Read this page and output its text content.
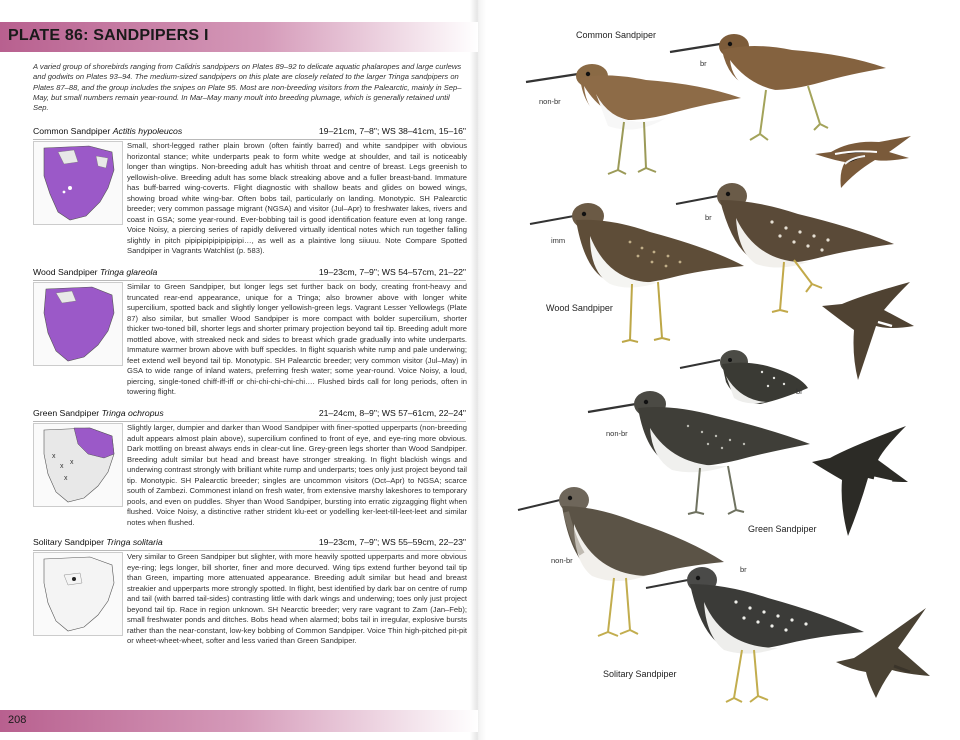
PLATE 86: SANDPIPERS I
A varied group of shorebirds ranging from Calidris sandpipers on Plates 89–92 to delicate aquatic phalaropes and large curlews and godwits on Plates 93–94. The medium-sized sandpipers on this plate are closely related to the larger Tringa sandpipers on Plates 87–88, and the group includes the snipes on Plate 95. Most are non-breeding visitors from the Palearctic, mainly in Sep–May, but small numbers remain year-round. In Mar–May many moult into breeding plumage, which is generally retained until Sep.
Common Sandpiper Actitis hypoleucos	19–21cm, 7–8"; WS 38–41cm, 15–16"
Small, short-legged rather plain brown (often faintly barred) and white sandpiper with obvious horizontal stance; white underparts peak to form white wedge at shoulder, and tail is noticeably longer than wingtips. Non-breeding adult has whitish throat and centre of breast. Legs greenish to yellowish-olive. Breeding adult has some black streaking above and a fuller breast-band. Immature has buff-barred wing-coverts. Flight diagnostic with shallow beats and glides on bowed wings, showing broad white wing-bar. Often bobs tail, particularly on landing. Monotypic. SH Palearctic breeder; very common passage migrant (NGSA) and visitor (Jul–Apr) to freshwater lakes, rivers and coast in GSA; some year-round. Ever-bobbing tail is good identification feature even at long range. Voice Noisy, a piercing series of rapidly delivered virtually identical notes which run together falling slightly in pitch pipipipipipipipipipi…, as well as a plaintive long siiuuu. Note Compare Spotted Sandpiper in Vagrants Watchlist (p. 583).
Wood Sandpiper Tringa glareola	19–23cm, 7–9"; WS 54–57cm, 21–22"
Similar to Green Sandpiper, but longer legs set further back on body, creating front-heavy and truncated rear-end appearance, unique for a Tringa; also browner above with longer white supercilium, spotted back and slightly longer yellowish-green legs. Vagrant Lesser Yellowlegs (Plate 87) also similar, but smaller Wood Sandpiper is more compact with bolder supercilium, shorter thicker two-toned bill, shorter legs and shorter primary projection beyond tail tip. Breeding adult more mottled above, with streaked neck and sides to breast which grade gradually into white underparts. Immature warmer brown above with buff speckles. In flight squarish white rump and pale underwing; feet extend well beyond tail tip. Monotypic. SH Palearctic breeder; very common visitor (Jul–May) in GSA to wide range of inland waters, preferring fresh water; some year-round. Voice Noisy, a loud, piercing, single-toned chiff-iff-iff or chi-chi-chi-chi-chi…. Flushed birds call for long periods, often in towering flight.
Green Sandpiper Tringa ochropus	21–24cm, 8–9"; WS 57–61cm, 22–24"
x
x
x
x
Slightly larger, dumpier and darker than Wood Sandpiper with finer-spotted upperparts (non-breeding adult appears almost plain above), supercilium confined to front of eye, and eye-ring more obvious. Dark mottling on breast always ends in clear-cut line. Grey-green legs shorter than Wood Sandpiper. Breeding adult similar but head and breast have stronger streaking. In flight blackish wings and underwing contrast strongly with brilliant white rump and underparts; toes only just project beyond tail tip. Monotypic. SH Palearctic breeder; singles are uncommon visitors (Oct–Apr) to NGSA; scarce south of Zambezi. Commonest inland on fresh water, from extensive marshy lakeshores to temporary pools, and even on puddles. Shyer than Wood Sandpiper, bursting into erratic zigzagging flight when flushed. Voice Noisy, a distinctive rather strident klu-eet or yodelling ker-leet-till-leet-leet and similar notes when flushed.
Solitary Sandpiper Tringa solitaria	19–23cm, 7–9"; WS 55–59cm, 22–23"
Very similar to Green Sandpiper but slighter, with more heavily spotted upperparts and more obvious eye-ring; legs longer, bill shorter, finer and more decurved. Wing tips extend further beyond tail tip than Green, imparting more attenuated appearance. Breeding adult similar but head and breast streakier and upperparts more strongly spotted. In flight, best identified by dark bar on centre of rump and tail (with barred tail-sides) contrasting little with dark wings and underwing; toes only just project beyond tail tip. Race in region unknown. SH Nearctic breeder; very rare vagrant to Zam (Jan–Feb); small freshwater ponds and ditches. Bobs head when alarmed; bobs tail in irregular, explosive bursts rather than the near-constant, low-key bobbing of Common Sandpiper. Voice Thin high-pitched pit-pit or wheet-wheet-wheet, softer and less varied than Green Sandpiper.
208
Common Sandpiper
br
non-br
br
imm
Wood Sandpiper
br
non-br
Green Sandpiper
non-br
br
Solitary Sandpiper
